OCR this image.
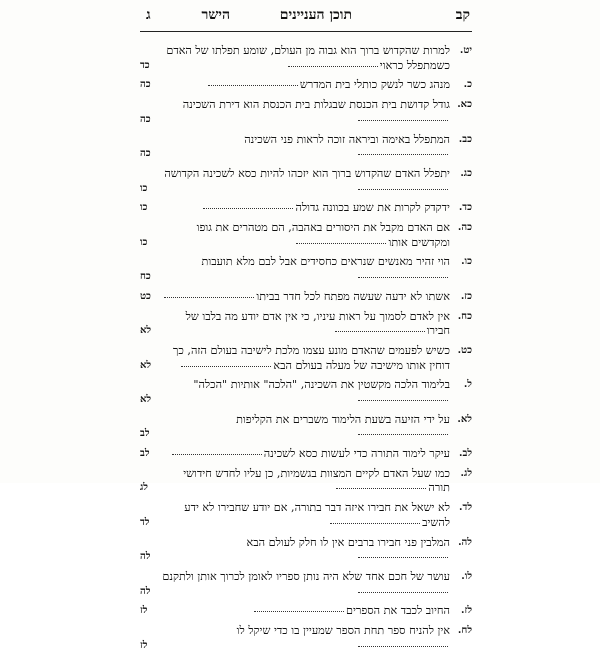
קב
תוכן העניינים
הישר
ג
יט.
למרות שהקדוש ברוך הוא גבוה מן העולם, שומע תפלתו של האדם כשמתפלל כראוי
כד
כ.
מנהג כשר לנשק כותלי בית המדרש
כה
כא.
גודל קדושת בית הכנסת שבגלות בית הכנסת הוא דירת השכינה
כה
כב.
המתפלל באימה וביראה זוכה לראות פני השכינה
כה
כג.
יתפלל האדם שהקדוש ברוך הוא יזכהו להיות כסא לשכינה הקדושה
כו
כד.
ידקדק לקרות את שמע בכוונה גדולה
כו
כה.
אם האדם מקבל את היסורים באהבה, הם מטהרים את גופו ומקדשים אותו
כו
כו.
הוי זהיר מאנשים שנראים כחסידים אבל לבם מלא תועבות
כח
כז.
אשתו לא ידעה שעשה מפתח לכל חדר בביתו
כט
כח.
אין לאדם לסמוך על ראות עיניו, כי אין אדם יודע מה בלבו של חבירו
לא
כט.
כשיש לפעמים שהאדם מונע עצמו מלכת לישיבה בעולם הזה, כך דוחין אותו מישיבה של מעלה בעולם הבא
לא
ל.
בלימוד הלכה מקשטין את השכינה, "הלכה" אותיות "הכלה"
לא
לא.
על ידי הזיעה בשעת הלימוד משברים את הקליפות
לב
לב.
עיקר לימוד התורה כדי לעשות כסא לשכינה
לב
לג.
כמו שעל האדם לקיים המצוות בגשמיות, כן עליו לחדש חידושי תורה
לג
לד.
לא ישאל את חבירו איזה דבר בתורה, אם יודע שחבירו לא ידע להשיב
לד
לה.
המלבין פני חבירו ברבים אין לו חלק לעולם הבא
לה
לו.
עושר של חכם אחד שלא היה נותן ספריו לאומן לכרוך אותן ולתקנם
לה
לז.
החיוב לכבד את הספרים
לז
לח.
אין להניח ספר תחת הספר שמעיין בו כדי שיקל לו
לז
